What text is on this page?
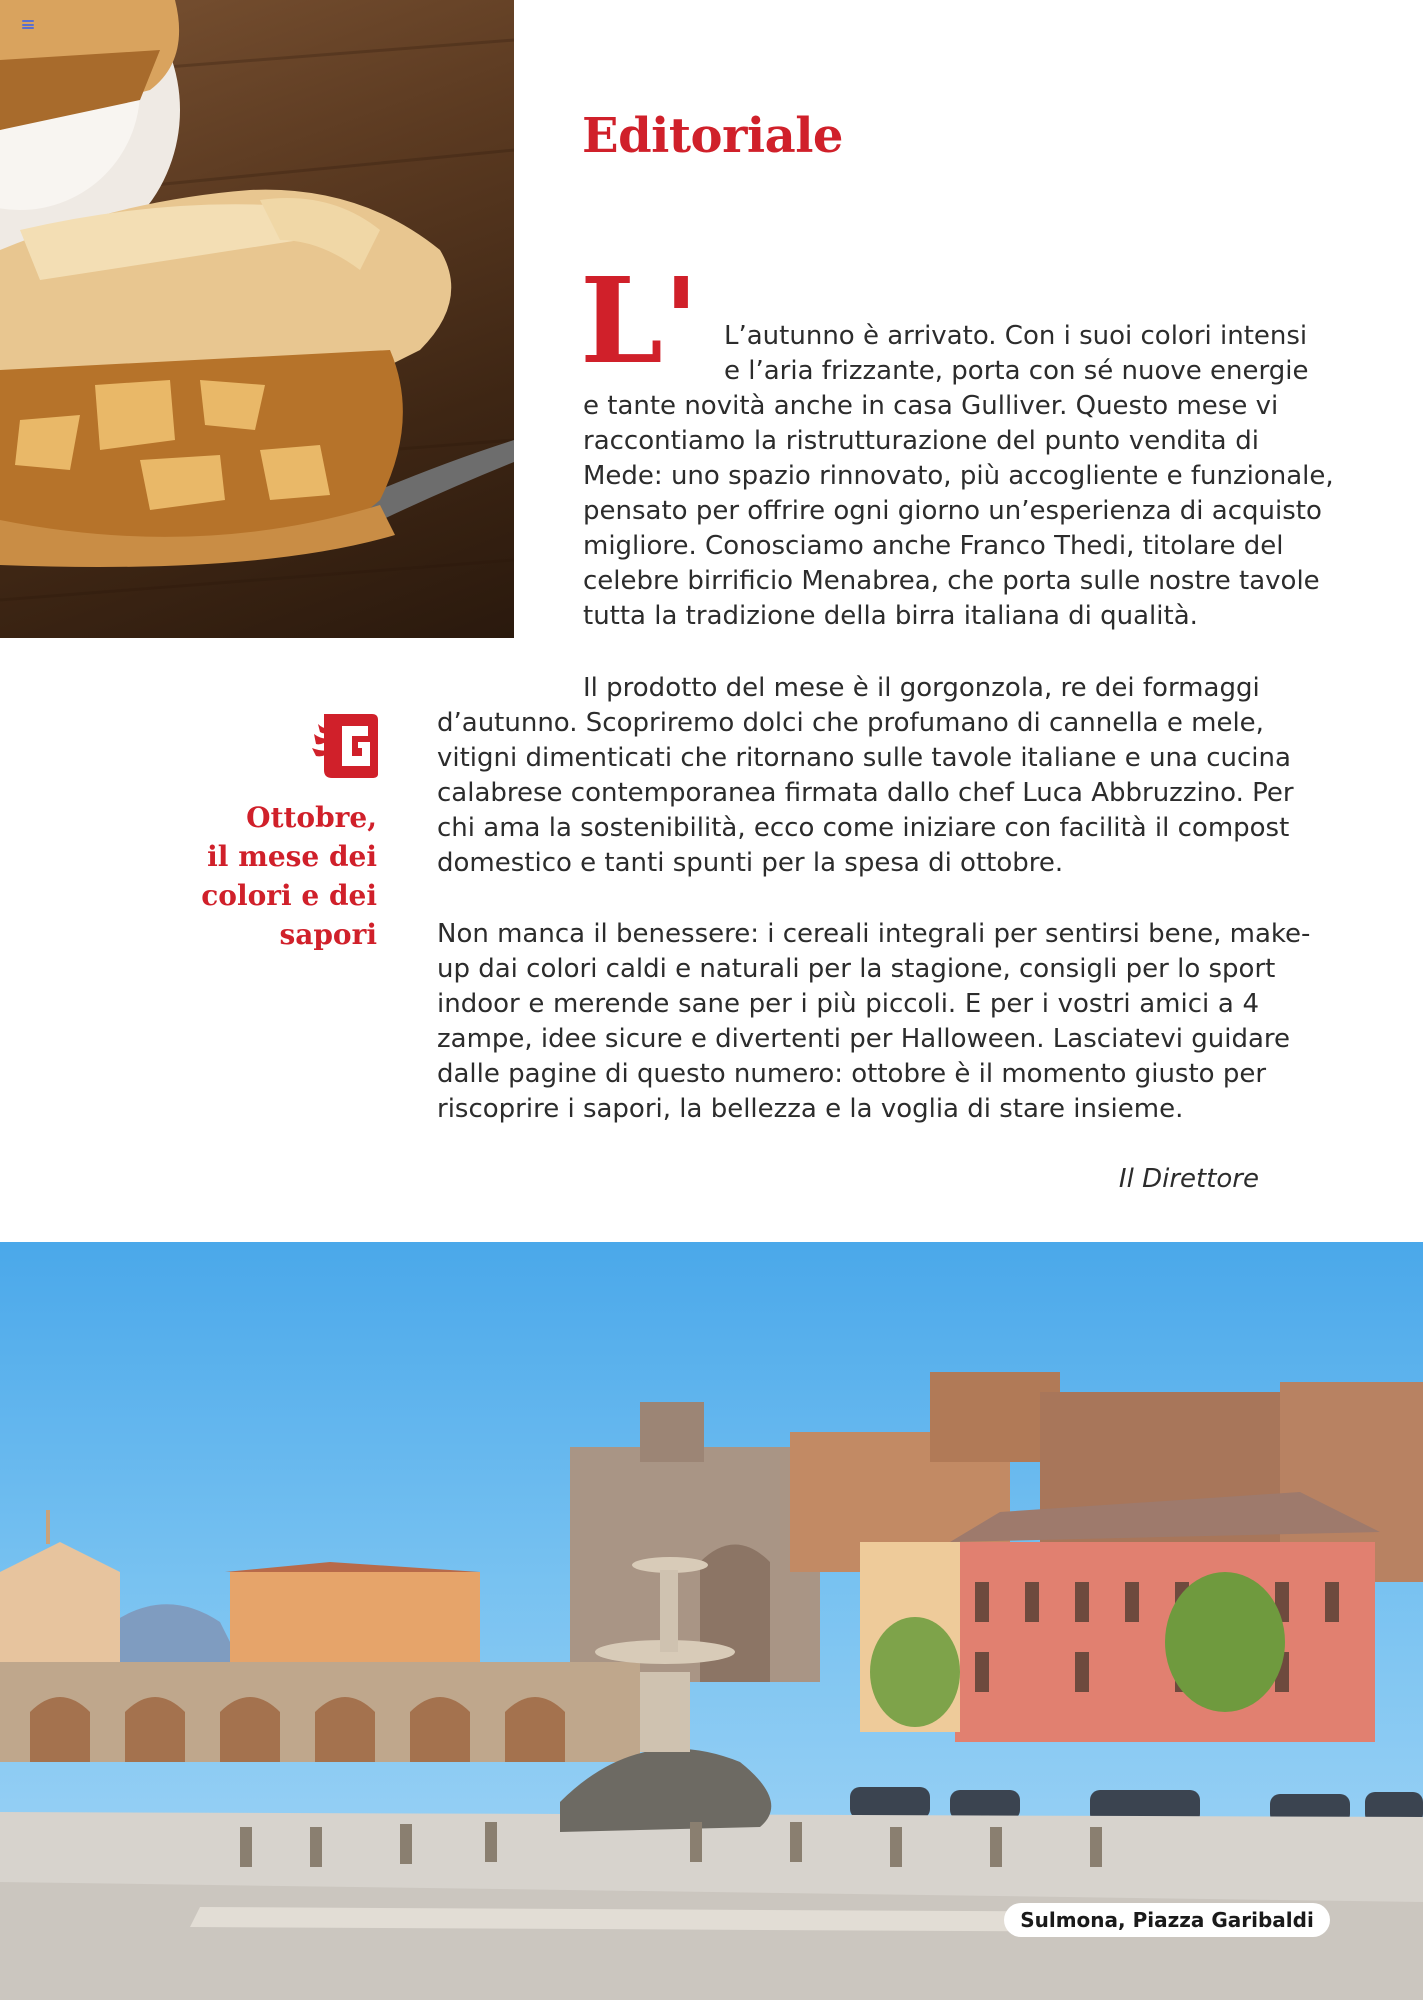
Editoriale
L' L’autunno è arrivato. Con i suoi colori intensi
e l’aria frizzante, porta con sé nuove energie
e tante novità anche in casa Gulliver. Questo mese vi
raccontiamo la ristrutturazione del punto vendita di
Mede: uno spazio rinnovato, più accogliente e funzionale,
pensato per offrire ogni giorno un’esperienza di acquisto
migliore. Conosciamo anche Franco Thedi, titolare del
celebre birrificio Menabrea, che porta sulle nostre tavole
tutta la tradizione della birra italiana di qualità.
Il prodotto del mese è il gorgonzola, re dei formaggi
d’autunno. Scopriremo dolci che profumano di cannella e mele,
vitigni dimenticati che ritornano sulle tavole italiane e una cucina
calabrese contemporanea firmata dallo chef Luca Abbruzzino. Per
chi ama la sostenibilità, ecco come iniziare con facilità il compost
domestico e tanti spunti per la spesa di ottobre.
Non manca il benessere: i cereali integrali per sentirsi bene, make-
up dai colori caldi e naturali per la stagione, consigli per lo sport
indoor e merende sane per i più piccoli. E per i vostri amici a 4
zampe, idee sicure e divertenti per Halloween. Lasciatevi guidare
dalle pagine di questo numero: ottobre è il momento giusto per
riscoprire i sapori, la bellezza e la voglia di stare insieme.
Il Direttore
Ottobre,
il mese dei
colori e dei
sapori
Sulmona, Piazza Garibaldi
